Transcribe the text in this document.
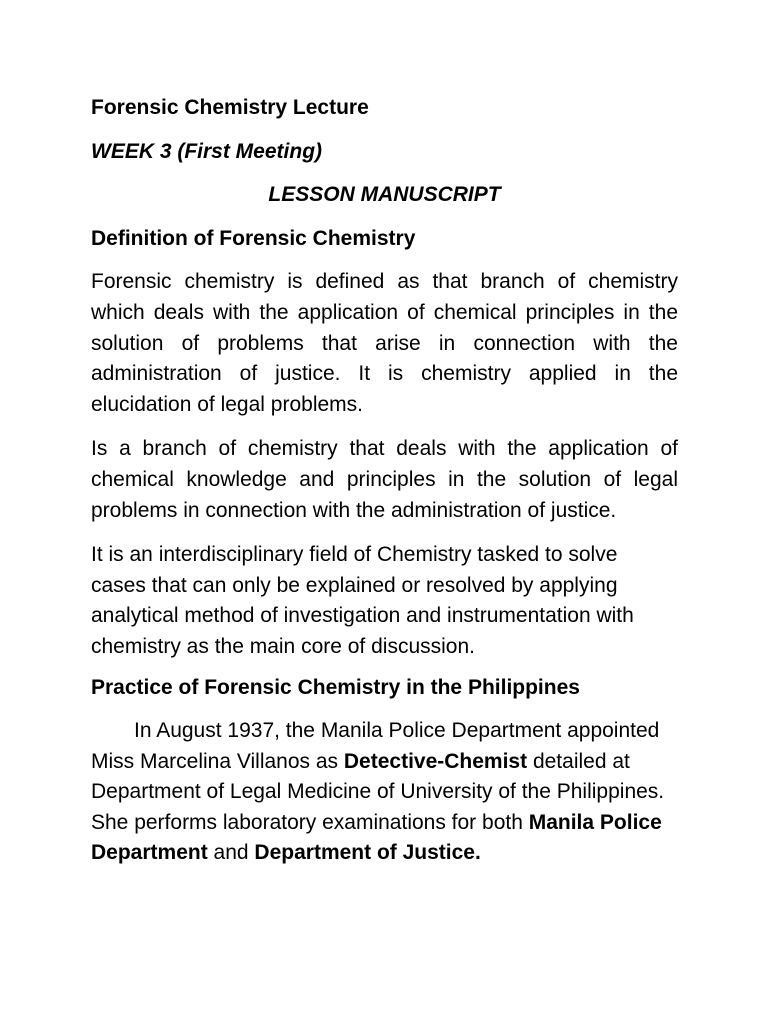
Forensic Chemistry Lecture
WEEK 3 (First Meeting)
LESSON MANUSCRIPT
Definition of Forensic Chemistry

Forensic chemistry is defined as that branch of chemistry which deals with the application of chemical principles in the solution of problems that arise in connection with the administration of justice. It is chemistry applied in the elucidation of legal problems.

Is a branch of chemistry that deals with the application of chemical knowledge and principles in the solution of legal problems in connection with the administration of justice.

It is an interdisciplinary field of Chemistry tasked to solve cases that can only be explained or resolved by applying analytical method of investigation and instrumentation with chemistry as the main core of discussion.

Practice of Forensic Chemistry in the Philippines

In August 1937, the Manila Police Department appointed Miss Marcelina Villanos as Detective-Chemist detailed at Department of Legal Medicine of University of the Philippines. She performs laboratory examinations for both Manila Police Department and Department of Justice.
